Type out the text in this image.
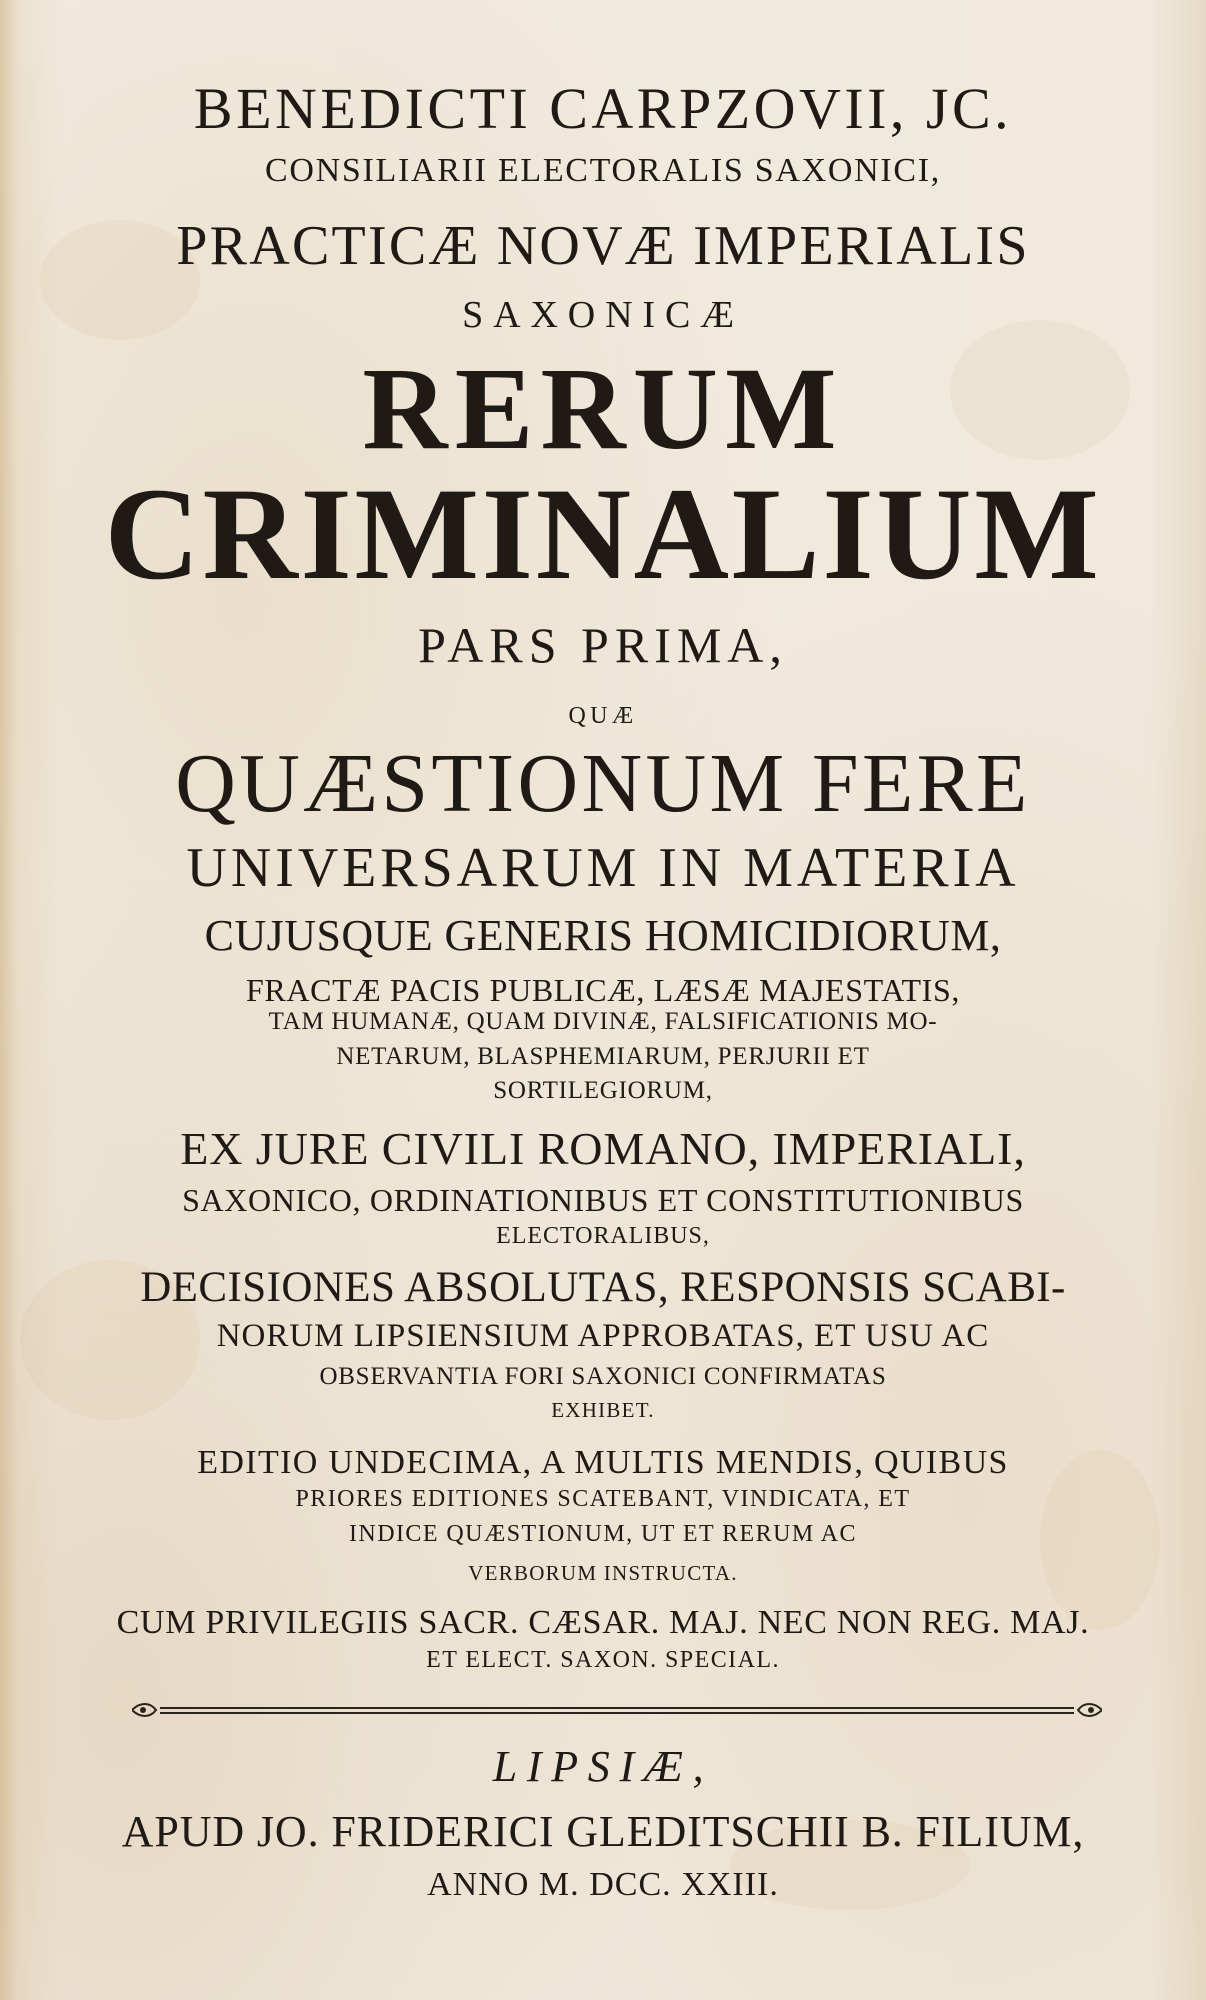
BENEDICTI CARPZOVII, JC.
CONSILIARII ELECTORALIS SAXONICI,
PRACTICÆ NOVÆ IMPERIALIS
SAXONICÆ
RERUM
CRIMINALIUM
PARS PRIMA,
QUÆ
QUÆSTIONUM FERE
UNIVERSARUM IN MATERIA
CUJUSQUE GENERIS HOMICIDIORUM,
FRACTÆ PACIS PUBLICÆ, LÆSÆ MAJESTATIS,
TAM HUMANÆ, QUAM DIVINÆ, FALSIFICATIONIS MO-
NETARUM, BLASPHEMIARUM, PERJURII ET
SORTILEGIORUM,
EX JURE CIVILI ROMANO, IMPERIALI,
SAXONICO, ORDINATIONIBUS ET CONSTITUTIONIBUS
ELECTORALIBUS,
DECISIONES ABSOLUTAS, RESPONSIS SCABI-
NORUM LIPSIENSIUM APPROBATAS, ET USU AC
OBSERVANTIA FORI SAXONICI CONFIRMATAS
EXHIBET.
EDITIO UNDECIMA, A MULTIS MENDIS, QUIBUS
PRIORES EDITIONES SCATEBANT, VINDICATA, ET
INDICE QUÆSTIONUM, UT ET RERUM AC
VERBORUM INSTRUCTA.
CUM PRIVILEGIIS SACR. CÆSAR. MAJ. NEC NON REG. MAJ.
ET ELECT. SAXON. SPECIAL.
LIPSIÆ,
APUD JO. FRIDERICI GLEDITSCHII B. FILIUM,
ANNO M. DCC. XXIII.
